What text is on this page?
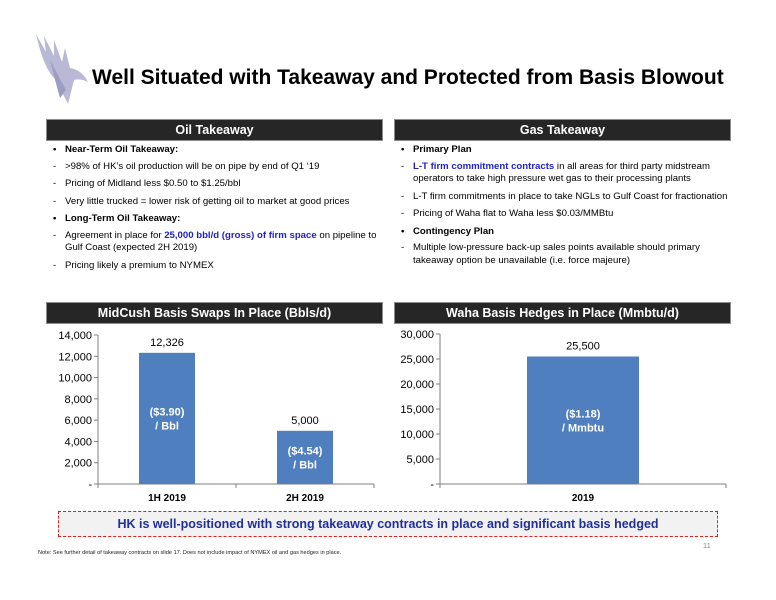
Well Situated with Takeaway and Protected from Basis Blowout
Oil Takeaway
• Near-Term Oil Takeaway:
- >98% of HK’s oil production will be on pipe by end of Q1 ‘19
- Pricing of Midland less $0.50 to $1.25/bbl
- Very little trucked = lower risk of getting oil to market at good prices
• Long-Term Oil Takeaway:
- Agreement in place for 25,000 bbl/d (gross) of firm space on pipeline to Gulf Coast (expected 2H 2019)
- Pricing likely a premium to NYMEX
Gas Takeaway
• Primary Plan
- L-T firm commitment contracts in all areas for third party midstream operators to take high pressure wet gas to their processing plants
- L-T firm commitments in place to take NGLs to Gulf Coast for fractionation
- Pricing of Waha flat to Waha less $0.03/MMBtu
• Contingency Plan
- Multiple low-pressure back-up sales points available should primary takeaway option be unavailable (i.e. force majeure)
MidCush Basis Swaps In Place (Bbls/d)	Waha Basis Hedges in Place (Mmbtu/d)
-
2,000
4,000
6,000
8,000
10,000
12,000
14,000
12,326
($3.90)
/ Bbl
1H 2019
5,000
($4.54)
/ Bbl
2H 2019
-
5,000
10,000
15,000
20,000
25,000
30,000
25,500
($1.18)
/ Mmbtu
2019
HK is well-positioned with strong takeaway contracts in place and significant basis hedged
11
Note: See further detail of takeaway contracts on slide 17. Does not include impact of NYMEX oil and gas hedges in place.
